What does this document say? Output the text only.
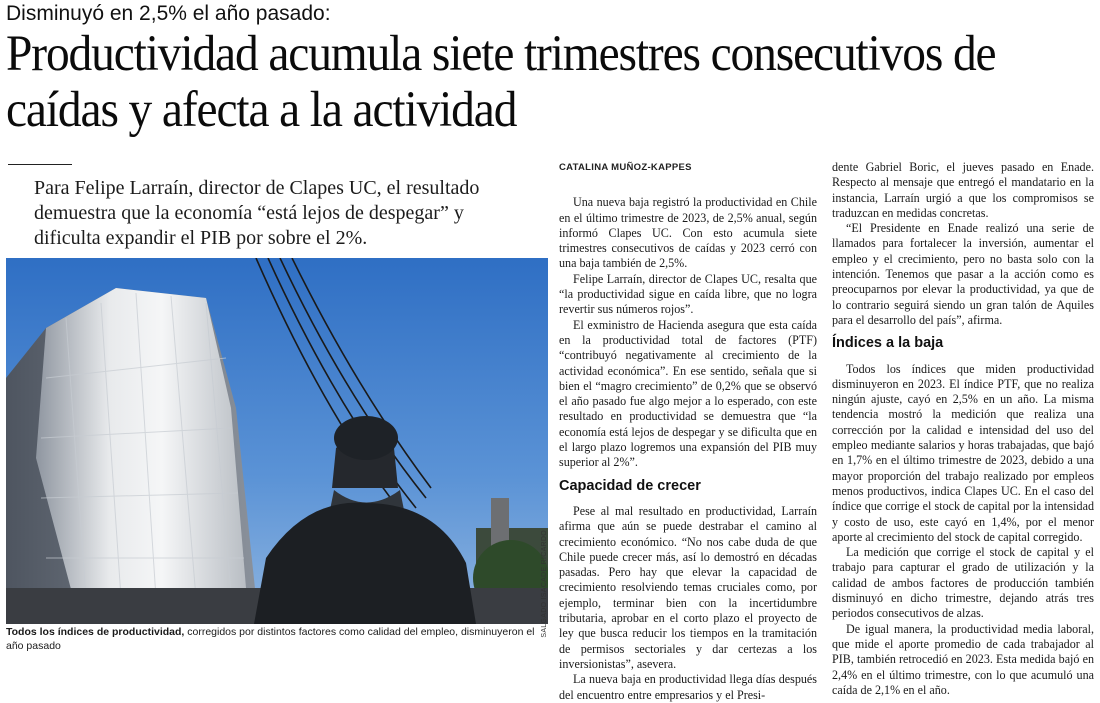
Disminuyó en 2,5% el año pasado:
Productividad acumula siete trimestres consecutivos de caídas y afecta a la actividad
Para Felipe Larraín, director de Clapes UC, el resultado demuestra que la economía “está lejos de despegar” y dificulta expandir el PIB por sobre el 2%.
SALGADO ISACADE RICARDO
Todos los índices de productividad, corregidos por distintos factores como calidad del empleo, disminuyeron el año pasado
CATALINA MUÑOZ-KAPPES

Una nueva baja registró la productividad en Chile en el último trimestre de 2023, de 2,5% anual, según informó Clapes UC. Con esto acumula siete trimestres consecutivos de caídas y 2023 cerró con una baja también de 2,5%.

Felipe Larraín, director de Clapes UC, resalta que “la productividad sigue en caída libre, que no logra revertir sus números rojos”.

El exministro de Hacienda asegura que esta caída en la productividad total de factores (PTF) “contribuyó negativamente al crecimiento de la actividad económica”. En ese sentido, señala que si bien el “magro crecimiento” de 0,2% que se observó el año pasado fue algo mejor a lo esperado, con este resultado en productividad se demuestra que “la economía está lejos de despegar y se dificulta que en el largo plazo logremos una expansión del PIB muy superior al 2%”.

Capacidad de crecer

Pese al mal resultado en productividad, Larraín afirma que aún se puede destrabar el camino al crecimiento económico. “No nos cabe duda de que Chile puede crecer más, así lo demostró en décadas pasadas. Pero hay que elevar la capacidad de crecimiento resolviendo temas cruciales como, por ejemplo, terminar bien con la incertidumbre tributaria, aprobar en el corto plazo el proyecto de ley que busca reducir los tiempos en la tramitación de permisos sectoriales y dar certezas a los inversionistas”, asevera.

La nueva baja en productividad llega días después del encuentro entre empresarios y el Presi-

dente Gabriel Boric, el jueves pasado en Enade. Respecto al mensaje que entregó el mandatario en la instancia, Larraín urgió a que los compromisos se traduzcan en medidas concretas.

“El Presidente en Enade realizó una serie de llamados para fortalecer la inversión, aumentar el empleo y el crecimiento, pero no basta solo con la intención. Tenemos que pasar a la acción como es preocuparnos por elevar la productividad, ya que de lo contrario seguirá siendo un gran talón de Aquiles para el desarrollo del país”, afirma.

Índices a la baja

Todos los índices que miden productividad disminuyeron en 2023. El índice PTF, que no realiza ningún ajuste, cayó en 2,5% en un año. La misma tendencia mostró la medición que realiza una corrección por la calidad e intensidad del uso del empleo mediante salarios y horas trabajadas, que bajó en 1,7% en el último trimestre de 2023, debido a una mayor proporción del trabajo realizado por empleos menos productivos, indica Clapes UC. En el caso del índice que corrige el stock de capital por la intensidad y costo de uso, este cayó en 1,4%, por el menor aporte al crecimiento del stock de capital corregido.

La medición que corrige el stock de capital y el trabajo para capturar el grado de utilización y la calidad de ambos factores de producción también disminuyó en dicho trimestre, dejando atrás tres periodos consecutivos de alzas.

De igual manera, la productividad media laboral, que mide el aporte promedio de cada trabajador al PIB, también retrocedió en 2023. Esta medida bajó en 2,4% en el último trimestre, con lo que acumuló una caída de 2,1% en el año.
